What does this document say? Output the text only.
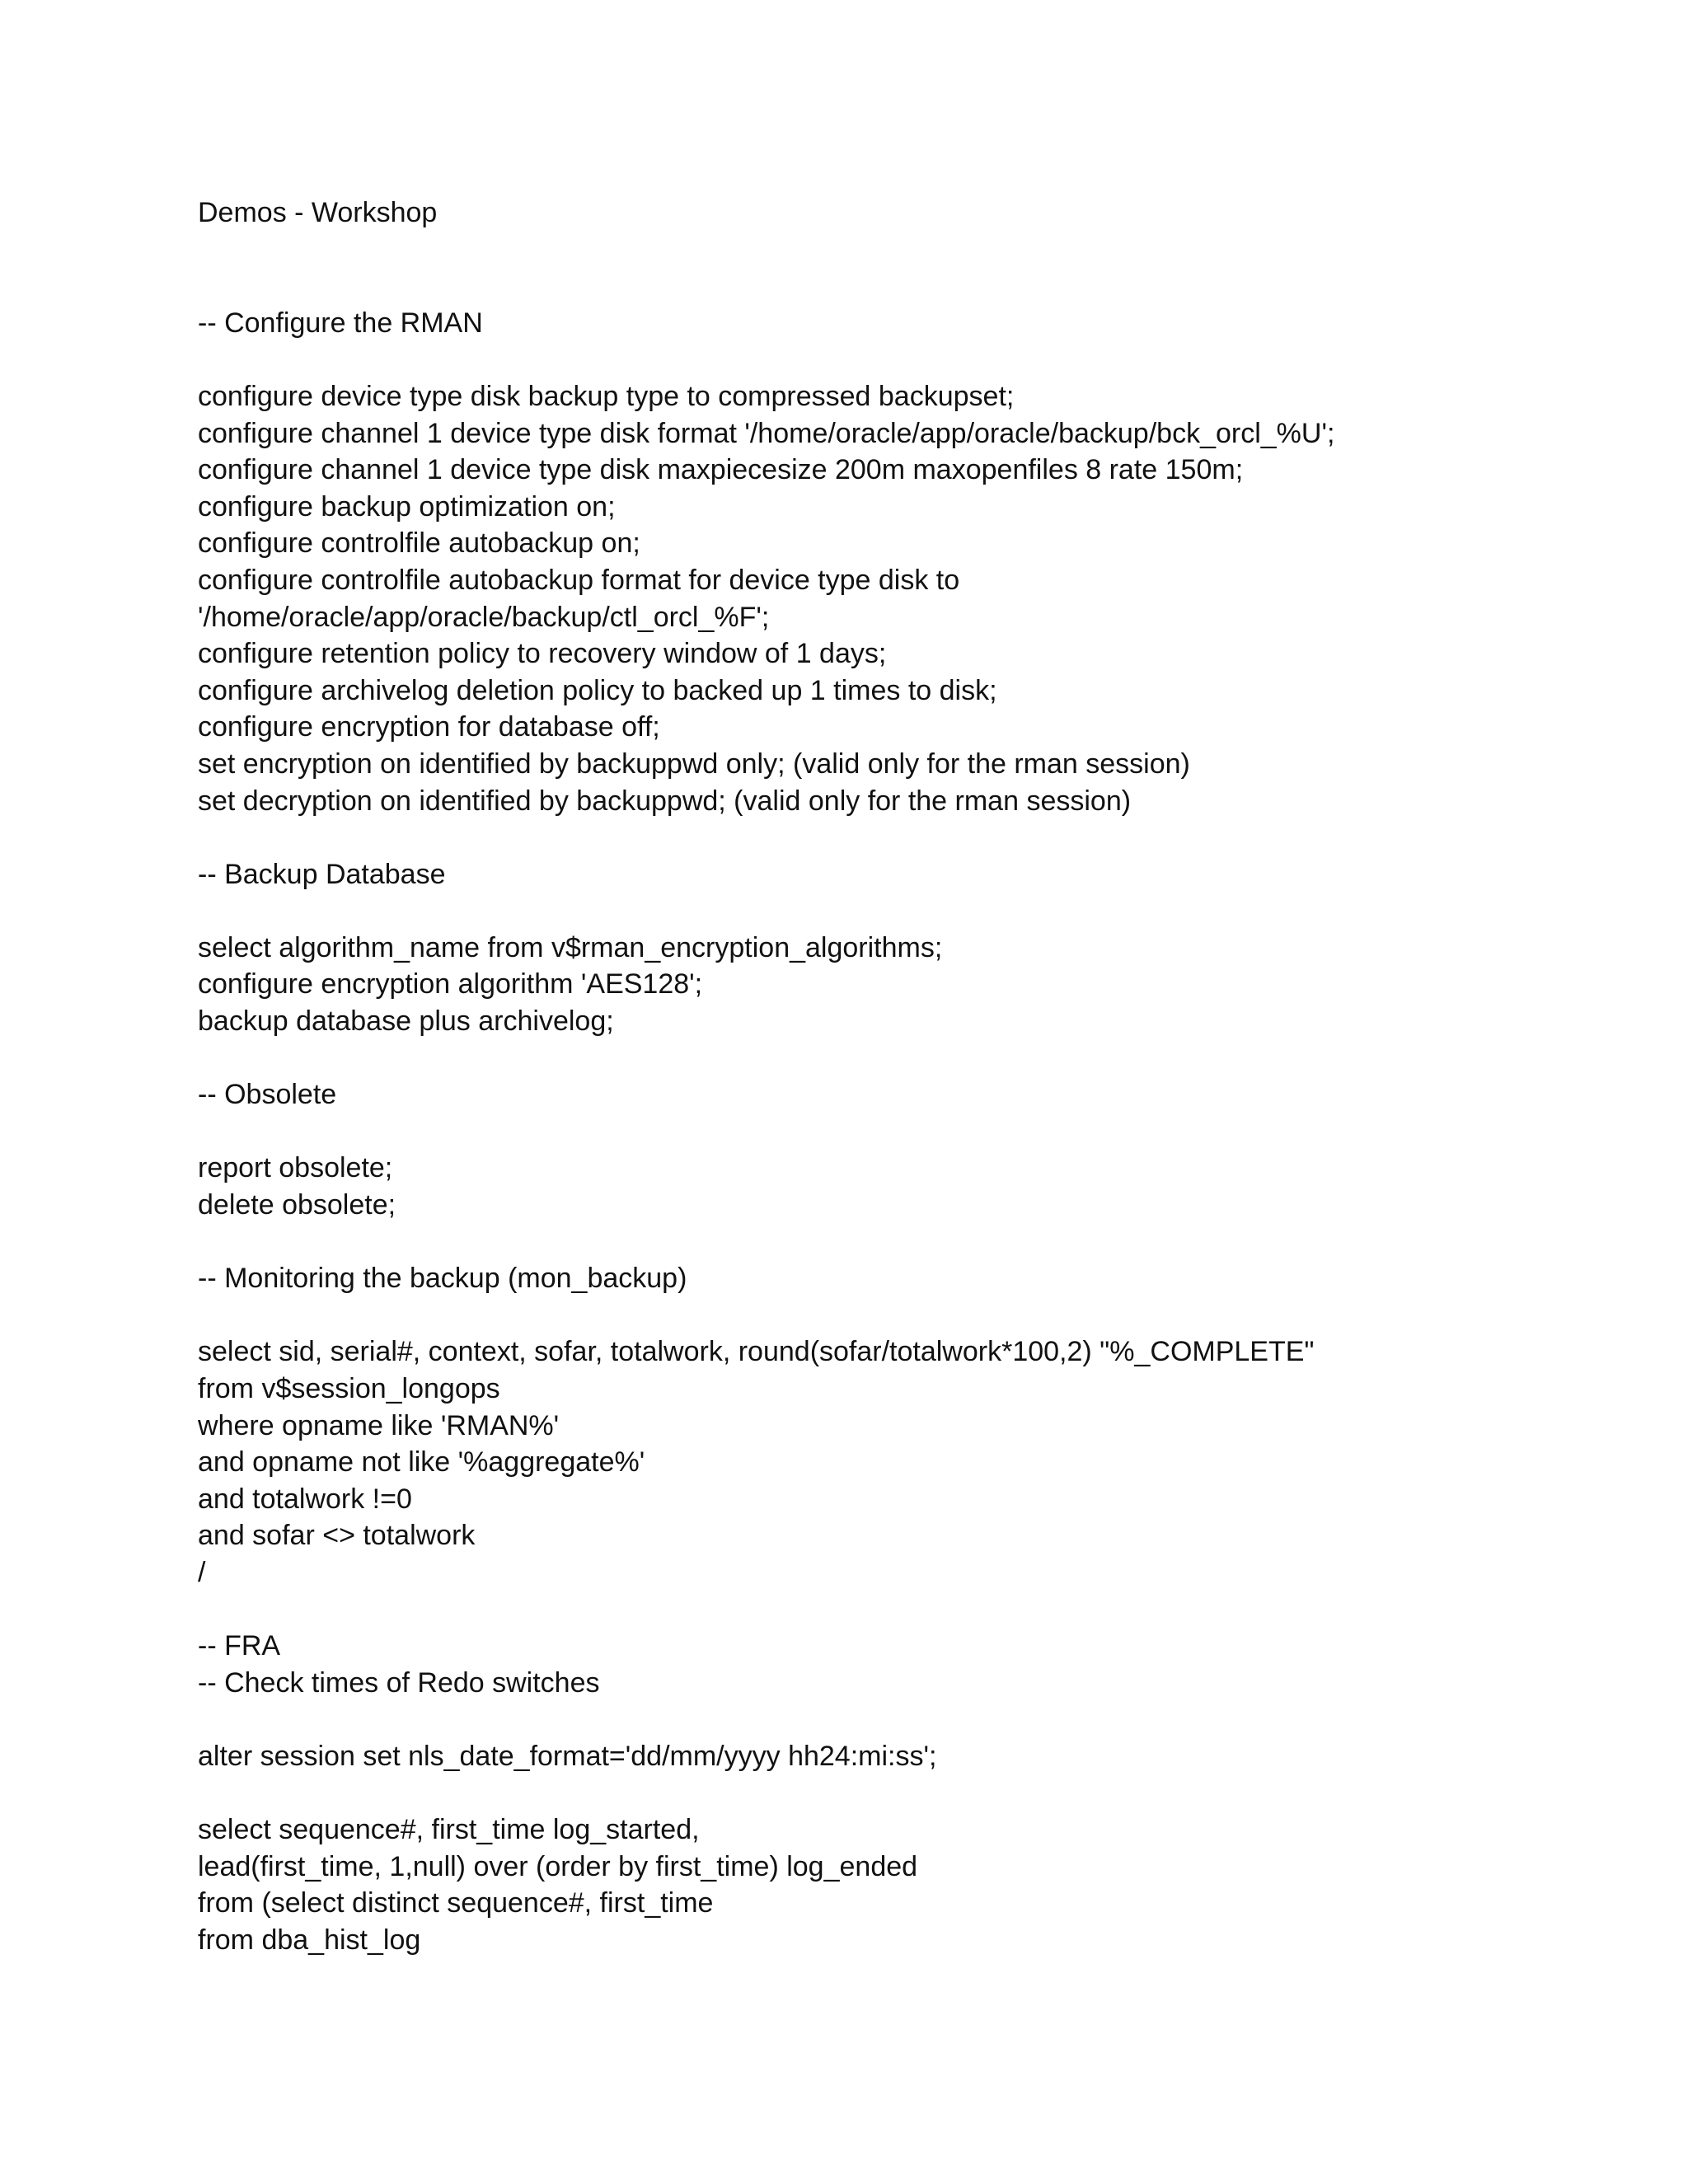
Demos - Workshop
-- Configure the RMAN
configure device type disk backup type to compressed backupset;
configure channel 1 device type disk format '/home/oracle/app/oracle/backup/bck_orcl_%U';
configure channel 1 device type disk maxpiecesize 200m maxopenfiles 8 rate 150m;
configure backup optimization on;
configure controlfile autobackup on;
configure controlfile autobackup format for device type disk to
'/home/oracle/app/oracle/backup/ctl_orcl_%F';
configure retention policy to recovery window of 1 days;
configure archivelog deletion policy to backed up 1 times to disk;
configure encryption for database off;
set encryption on identified by backuppwd only; (valid only for the rman session)
set decryption on identified by backuppwd; (valid only for the rman session)
-- Backup Database
select algorithm_name from v$rman_encryption_algorithms;
configure encryption algorithm 'AES128';
backup database plus archivelog;
-- Obsolete
report obsolete;
delete obsolete;
-- Monitoring the backup (mon_backup)
select sid, serial#, context, sofar, totalwork, round(sofar/totalwork*100,2) "%_COMPLETE"
from v$session_longops
where opname like 'RMAN%'
and opname not like '%aggregate%'
and totalwork !=0
and sofar <> totalwork
/
-- FRA
-- Check times of Redo switches
alter session set nls_date_format='dd/mm/yyyy hh24:mi:ss';
select sequence#, first_time log_started,
lead(first_time, 1,null) over (order by first_time) log_ended
from (select distinct sequence#, first_time
from dba_hist_log
